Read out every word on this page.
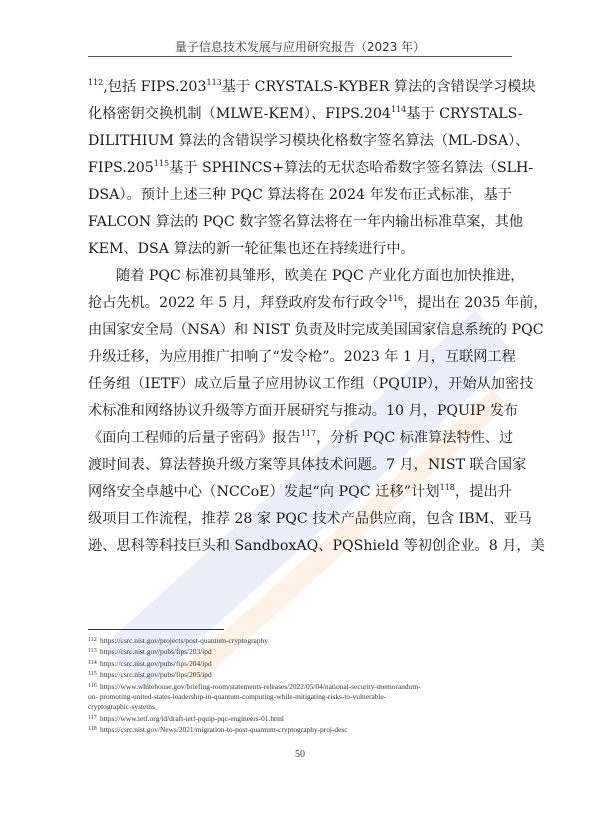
量子信息技术发展与应用研究报告（2023 年）
$^{112}$,包括 FIPS.203$^{113}$基于 CRYSTALS-KYBER 算法的含错误学习模块
化格密钥交换机制（MLWE-KEM）、FIPS.204$^{114}$基于 CRYSTALS-
DILITHIUM 算法的含错误学习模块化格数字签名算法（ML-DSA）、
FIPS.205$^{115}$基于 SPHINCS+算法的无状态哈希数字签名算法（SLH-
DSA）。预计上述三种 PQC 算法将在 2024 年发布正式标准，基于
FALCON 算法的 PQC 数字签名算法将在一年内输出标准草案，其他
KEM、DSA 算法的新一轮征集也还在持续进行中。
随着 PQC 标准初具雏形，欧美在 PQC 产业化方面也加快推进，
抢占先机。2022 年 5 月，拜登政府发布行政令$^{116}$，提出在 2035 年前，
由国家安全局（NSA）和 NIST 负责及时完成美国国家信息系统的 PQC
升级迁移，为应用推广扣响了“发令枪”。2023 年 1 月，互联网工程
任务组（IETF）成立后量子应用协议工作组（PQUIP），开始从加密技
术标准和网络协议升级等方面开展研究与推动。10 月，PQUIP 发布
《面向工程师的后量子密码》报告$^{117}$，分析 PQC 标准算法特性、过
渡时间表、算法替换升级方案等具体技术问题。7 月，NIST 联合国家
网络安全卓越中心（NCCoE）发起“向 PQC 迁移”计划$^{118}$，提出升
级项目工作流程，推荐 28 家 PQC 技术产品供应商，包含 IBM、亚马
逊、思科等科技巨头和 SandboxAQ、PQShield 等初创企业。8 月，美
112 https://csrc.nist.gov/projects/post-quantum-cryptography
113 https://csrc.nist.gov/pubs/fips/203/ipd
114 https://csrc.nist.gov/pubs/fips/204/ipd
115 https://csrc.nist.gov/pubs/fips/205/ipd
116 https://www.whitehouse.gov/briefing-room/statements-releases/2022/05/04/national-security-memorandum-
on- promoting-united-states-leadership-in-quantum-computing-while-mitigating-risks-to-vulnerable-
cryptographic-systems
117 https://www.ietf.org/id/draft-ietf-pquip-pqc-engineers-01.html
118 https://csrc.nist.gov/News/2021/migration-to-post-quantum-cryptography-proj-desc
50
